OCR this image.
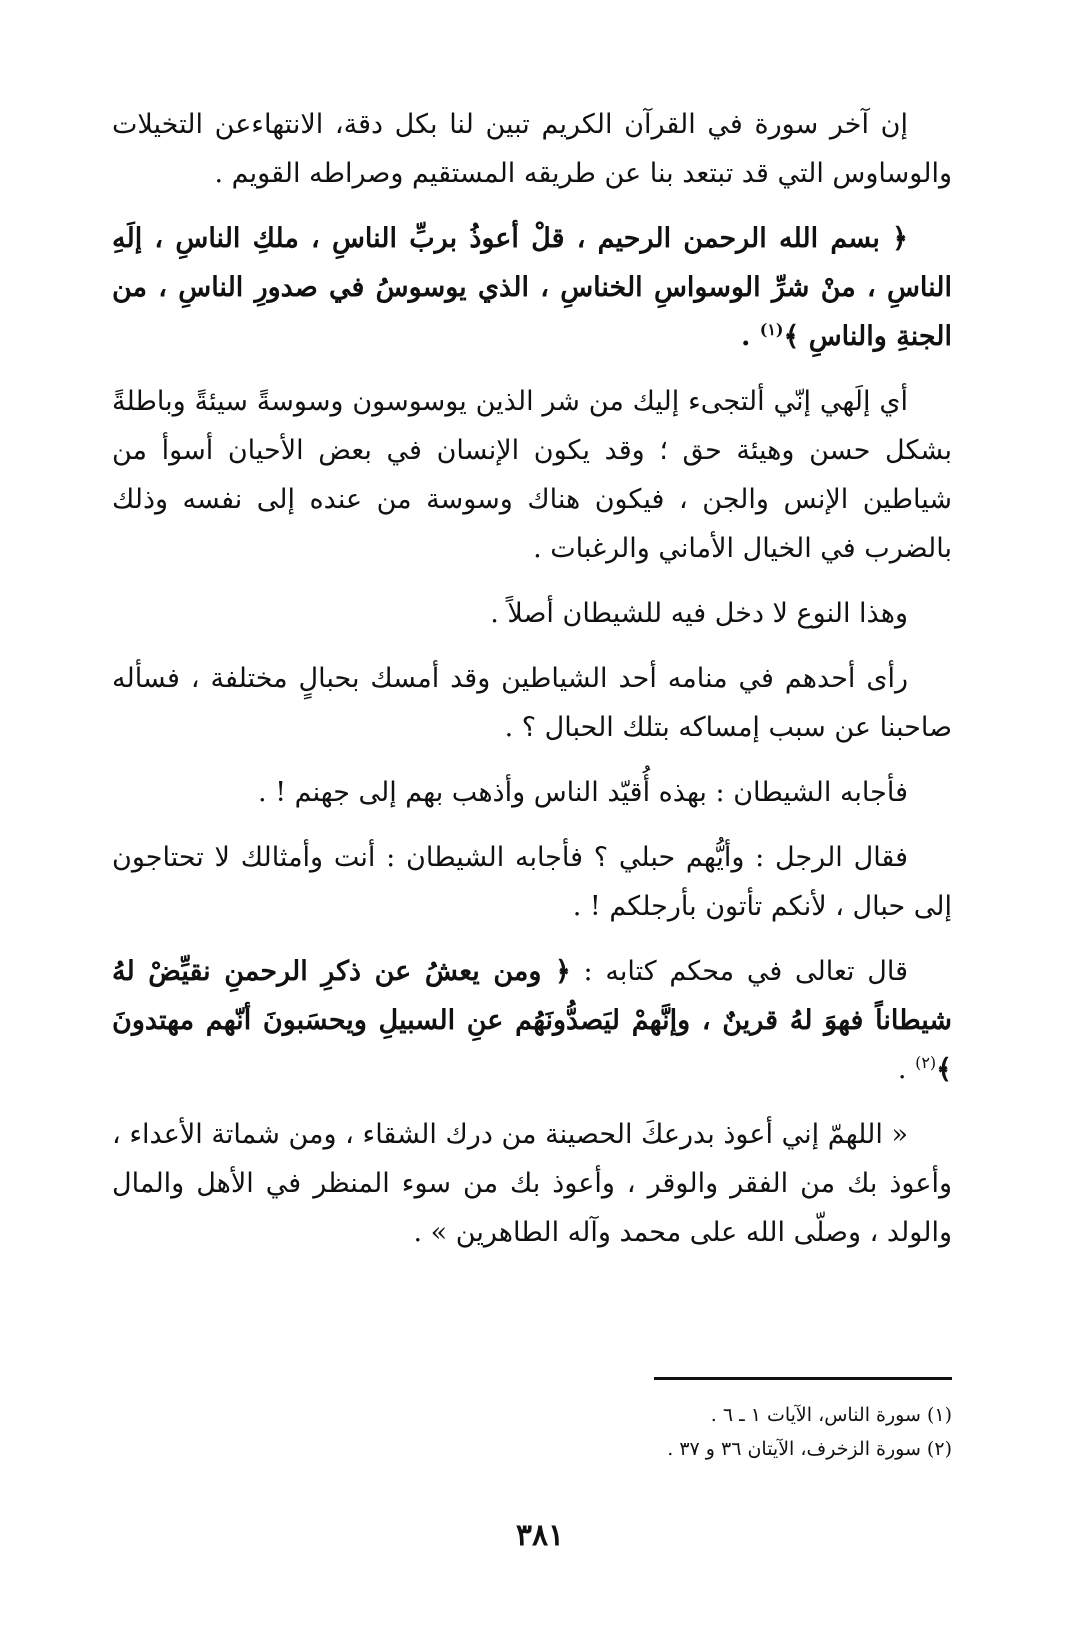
إن آخر سورة في القرآن الكريم تبين لنا بكل دقة، الانتهاءعن التخيلات والوساوس التي قد تبتعد بنا عن طريقه المستقيم وصراطه القويم .

﴿ بسم الله الرحمن الرحيم ، قلْ أعوذُ بربِّ الناسِ ، ملكِ الناسِ ، إلَهِ الناسِ ، منْ شرِّ الوسواسِ الخناسِ ، الذي يوسوسُ في صدورِ الناسِ ، من الجنةِ والناسِ ﴾$^{(١)}$ .

أي إلَهي إنّي ألتجىء إليك من شر الذين يوسوسون وسوسةً سيئةً وباطلةً بشكل حسن وهيئة حق ؛ وقد يكون الإنسان في بعض الأحيان أسوأ من شياطين الإنس والجن ، فيكون هناك وسوسة من عنده إلى نفسه وذلك بالضرب في الخيال الأماني والرغبات .

وهذا النوع لا دخل فيه للشيطان أصلاً .

رأى أحدهم في منامه أحد الشياطين وقد أمسك بحبالٍ مختلفة ، فسأله صاحبنا عن سبب إمساكه بتلك الحبال ؟ .

فأجابه الشيطان : بهذه أُقيّد الناس وأذهب بهم إلى جهنم ! .

فقال الرجل : وأيُّهم حبلي ؟ فأجابه الشيطان : أنت وأمثالك لا تحتاجون إلى حبال ، لأنكم تأتون بأرجلكم ! .

قال تعالى في محكم كتابه : ﴿ ومن يعشُ عن ذكرِ الرحمنِ نقيِّضْ لهُ شيطاناً فهوَ لهُ قرينٌ ، وإنَّهمْ ليَصدُّونَهُم عنِ السبيلِ ويحسَبونَ أنّهم مهتدونَ ﴾$^{(٢)}$ .

« اللهمّ إني أعوذ بدرعكَ الحصينة من درك الشقاء ، ومن شماتة الأعداء ، وأعوذ بك من الفقر والوقر ، وأعوذ بك من سوء المنظر في الأهل والمال والولد ، وصلّى الله على محمد وآله الطاهرين » .

(١) سورة الناس، الآيات ١ ـ ٦ .

(٢) سورة الزخرف، الآيتان ٣٦ و ٣٧ .

٣٨١
